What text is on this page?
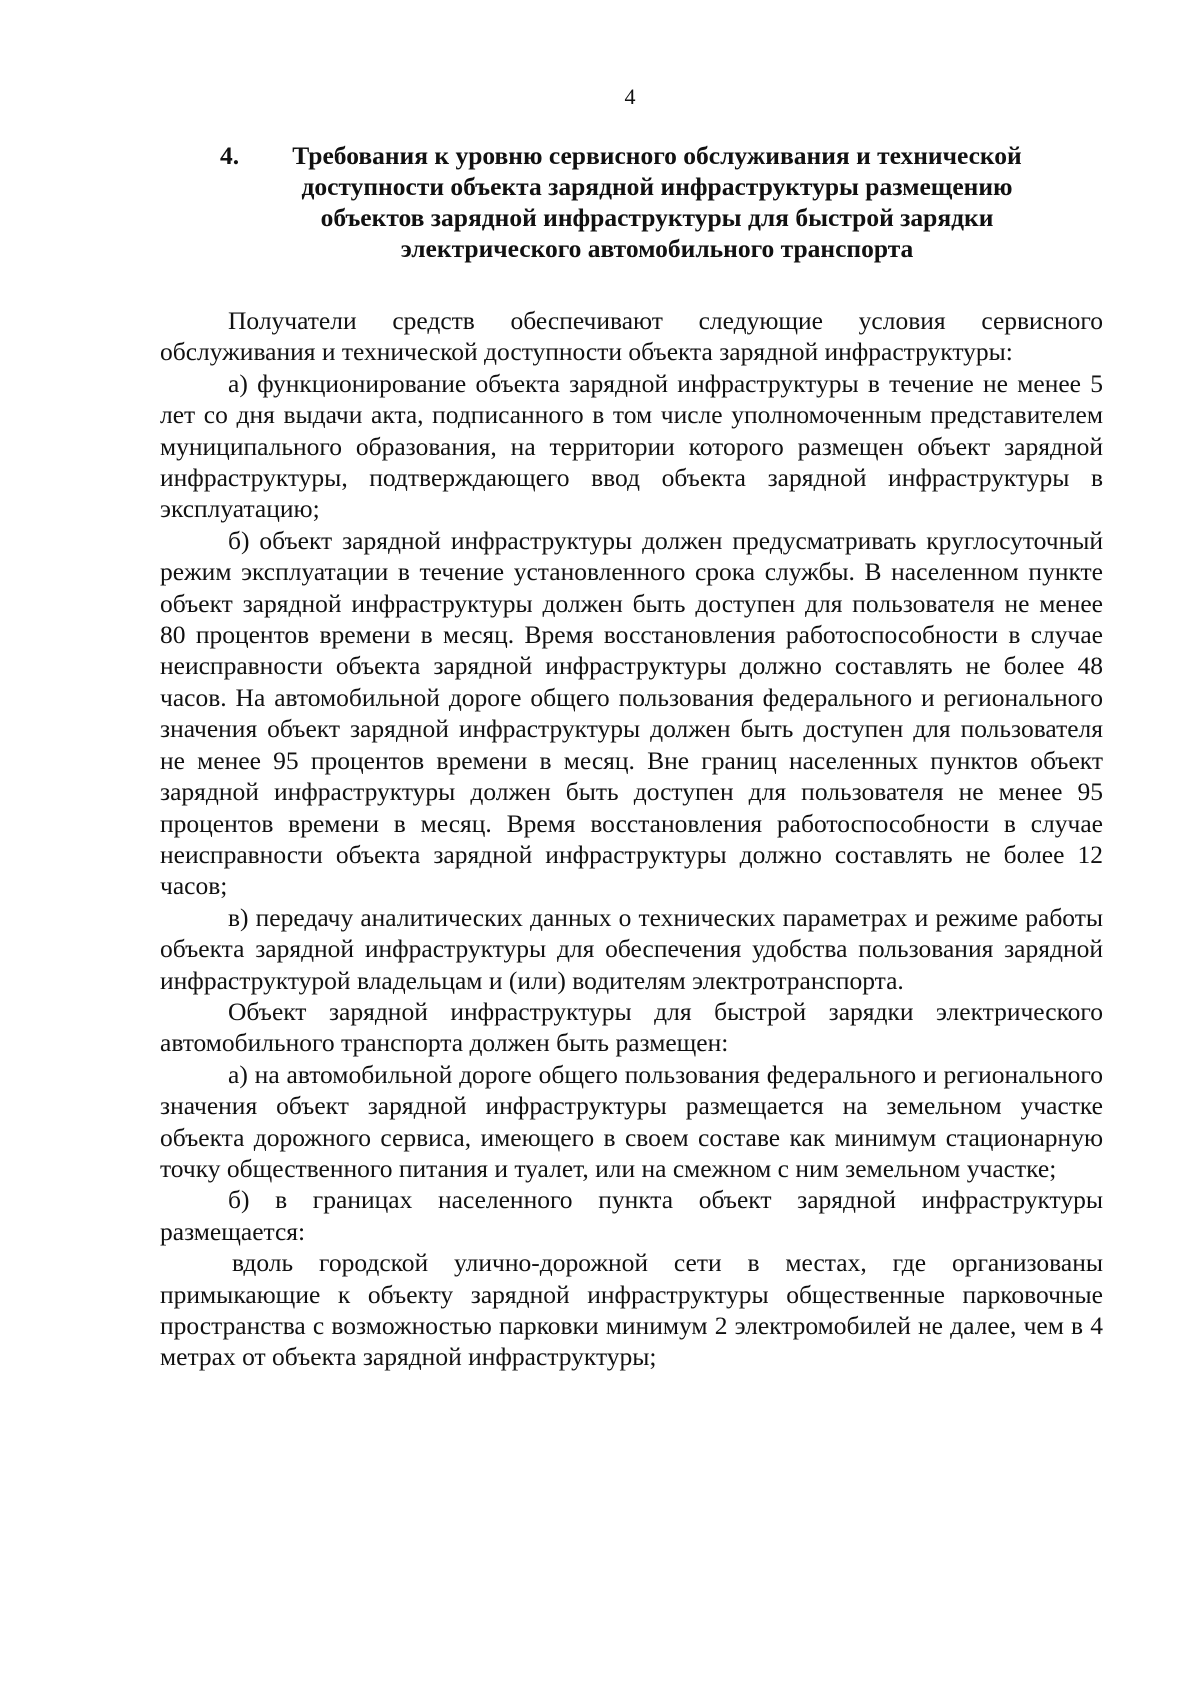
4
4.	Требования к уровню сервисного обслуживания и технической доступности объекта зарядной инфраструктуры размещению объектов зарядной инфраструктуры для быстрой зарядки электрического автомобильного транспорта

Получатели средств обеспечивают следующие условия сервисного обслуживания и технической доступности объекта зарядной инфраструктуры:

а) функционирование объекта зарядной инфраструктуры в течение не менее 5 лет со дня выдачи акта, подписанного в том числе уполномоченным представителем муниципального образования, на территории которого размещен объект зарядной инфраструктуры, подтверждающего ввод объекта зарядной инфраструктуры в эксплуатацию;

б) объект зарядной инфраструктуры должен предусматривать круглосуточный режим эксплуатации в течение установленного срока службы. В населенном пункте объект зарядной инфраструктуры должен быть доступен для пользователя не менее 80 процентов времени в месяц. Время восстановления работоспособности в случае неисправности объекта зарядной инфраструктуры должно составлять не более 48 часов. На автомобильной дороге общего пользования федерального и регионального значения объект зарядной инфраструктуры должен быть доступен для пользователя не менее 95 процентов времени в месяц. Вне границ населенных пунктов объект зарядной инфраструктуры должен быть доступен для пользователя не менее 95 процентов времени в месяц. Время восстановления работоспособности в случае неисправности объекта зарядной инфраструктуры должно составлять не более 12 часов;

в) передачу аналитических данных о технических параметрах и режиме работы объекта зарядной инфраструктуры для обеспечения удобства пользования зарядной инфраструктурой владельцам и (или) водителям электротранспорта.

Объект зарядной инфраструктуры для быстрой зарядки электрического автомобильного транспорта должен быть размещен:

а) на автомобильной дороге общего пользования федерального и регионального значения объект зарядной инфраструктуры размещается на земельном участке объекта дорожного сервиса, имеющего в своем составе как минимум стационарную точку общественного питания и туалет, или на смежном с ним земельном участке;

б) в границах населенного пункта объект зарядной инфраструктуры размещается:

вдоль городской улично-дорожной сети в местах, где организованы примыкающие к объекту зарядной инфраструктуры общественные парковочные пространства с возможностью парковки минимум 2 электромобилей не далее, чем в 4 метрах от объекта зарядной инфраструктуры;
